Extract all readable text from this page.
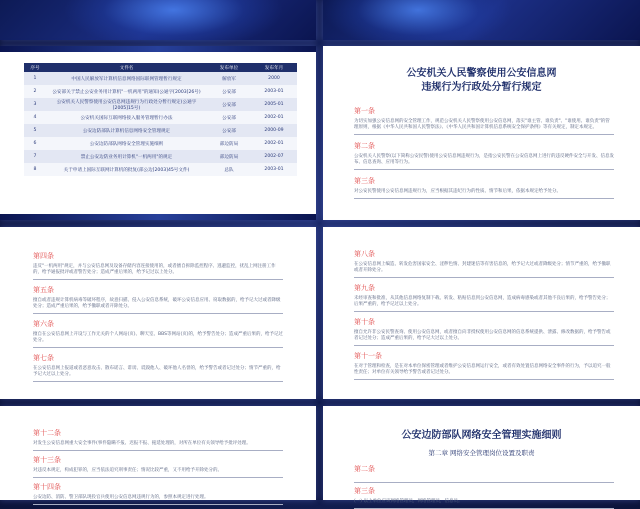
序号	文件名	发布单位	发布年月
1	中国人民解放军计算机信息网络国际联网管理暂行规定	解放军	2000
2	公安部关于禁止公安业务用计算机"一机两用"的通知(公通字[2003]26号)	公安部	2003-01
3	公安机关人民警察使用公安信息网违规行为行政处分暂行规定(公通字[2005]15号)	公安部	2005-01
4	公安机关国际互联网络接入服务管理暂行办法	公安部	2002-01
5	公安边防部队计算机信息网络安全管理规定	公安部	2000-09
6	公安边防部队网络安全管理实施细则	部边防局	2002-01
7	禁止公安边防业务用计算机"一机两用"的规定	部边防局	2002-07
8	关于申请上国际互联网计算机的批复(部公边[2003]45号文件)	总队	2003-01
公安机关人民警察使用公安信息网
违规行为行政处分暂行规定
第一条
为切实加强公安信息网的安全管理工作，规范公安机关人民警察使用公安信息网，落实"谁主管、谁负责"、"谁使用、谁负责"的管理原则，根据《中华人民共和国人民警察法》、《中华人民共和国计算机信息系统安全保护条例》等有关规定，制定本规定。
第二条
公安机关人民警察(以下简称公安民警)使用公安信息网违规行为，是指公安民警在公安信息网上进行的违反硬件安全与开发、信息发布、信息查询、应用等行为。
第三条
对公安民警使用公安信息网违规行为，应当根据其违纪行为的性质、情节和后果，依据本规定给予处分。
第四条
违反"一机两用"规定，并与公安信息网及设备存储内容连接使用的，或者擅自拆除监控程序、逃避监控，扰乱上网注册工作的，给予通报批评或者警告处分；造成严重后果的，给予记过以上处分。
第五条
擅自或者违规计算机病毒等破坏程序，故意扫描、侵入公安信息系统，破坏公安信息应用、窃取数据的，给予记大过或者降级处分；造成严重后果的，给予撤职或者开除处分。
第六条
擅自在公安信息网上开设与工作无关的个人网站(页)、聊天室、BBS等网站(页)的，给予警告处分；造成严重后果的，给予记过处分。
第七条
在公安信息网上报道或者恶意攻击、散布谣言、诽谤、诋毁他人、破坏他人名誉的，给予警告或者记过处分；情节严重的，给予记大过以上处分。
第八条
在公安信息网上编造、转发危害国家安全、淫秽色情、封建迷信等有害信息的，给予记大过或者降级处分；情节严重的，给予撤职或者开除处分。
第九条
未经审查和批准，从其他信息网络复制下载、转发、粘贴信息到公安信息网，造成病毒感染或者其他不良后果的，给予警告处分；后果严重的，给予记过以上处分。
第十条
擅自允许非公安民警查询、使用公安信息网，或者擅自向非授权使用公安信息网的信息系统提供、泄露、修改数据的，给予警告或者记过处分；造成严重后果的，给予记大过以上处分。
第十一条
在对于管理和检查，是在对本单位保密管理或者维护公安信息网运行安全，或者有效处置信息网络安全事件的行为，予以追究一般性责任；对单位有关领导给予警告或者记过处分。
第十二条
对发生公安信息网重大安全事件(事件隐瞒不报、迟报不报、拖延处理的，对所在单位有关领导给予批评处理。
第十三条
对违反本规定，构成犯罪的，应当依法追究刑事责任；情况比较严重，又不用给予开除处分的。
第十四条
公安边防、消防、警卫部队现役官兵使用公安信息网违规行为的，参照本规定进行处理。
公安边防部队网络安全管理实施细则
第二章 网络安全管理岗位设置及职责
第二条
第三条
(一) 以上单位应该网络管理员，网络管理员，信息员。
